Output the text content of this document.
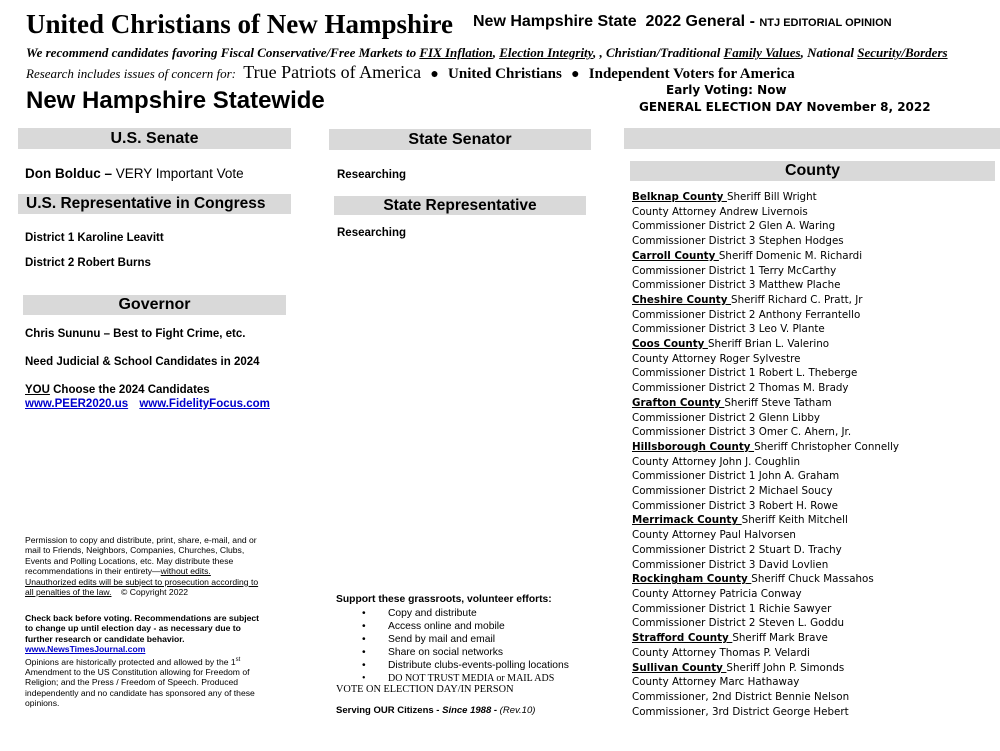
United Christians of New Hampshire New Hampshire State 2022 General - NTJ EDITORIAL OPINION
We recommend candidates favoring Fiscal Conservative/Free Markets to FIX Inflation, Election Integrity, , Christian/Traditional Family Values, National Security/Borders
Research includes issues of concern for: True Patriots of America ● United Christians ● Independent Voters for America
New Hampshire Statewide	Early Voting: Now
GENERAL ELECTION DAY November 8, 2022
U.S. Senate
Don Bolduc – VERY Important Vote
U.S. Representative in Congress
District 1 Karoline Leavitt
District 2 Robert Burns
Governor
Chris Sununu – Best to Fight Crime, etc.
Need Judicial & School Candidates in 2024
YOU Choose the 2024 Candidates
www.PEER2020.us www.FidelityFocus.com
Permission to copy and distribute, print, share, e-mail, and or
mail to Friends, Neighbors, Companies, Churches, Clubs,
Events and Polling Locations, etc. May distribute these
recommendations in their entirety—without edits.
Unauthorized edits will be subject to prosecution according to
all penalties of the law. © Copyright 2022
Check back before voting. Recommendations are subject
to change up until election day - as necessary due to
further research or candidate behavior.
www.NewsTimesJournal.com
Opinions are historically protected and allowed by the 1st
Amendment to the US Constitution allowing for Freedom of
Religion; and the Press / Freedom of Speech. Produced
independently and no candidate has sponsored any of these
opinions.
State Senator
Researching
State Representative
Researching
Support these grassroots, volunteer efforts:
• Copy and distribute
• Access online and mobile
• Send by mail and email
• Share on social networks
• Distribute clubs-events-polling locations
• DO NOT TRUST MEDIA or MAIL ADS
VOTE ON ELECTION DAY/IN PERSON
Serving OUR Citizens - Since 1988 - (Rev.10)
County
Belknap County Sheriff Bill Wright
County Attorney Andrew Livernois
Commissioner District 2 Glen A. Waring
Commissioner District 3 Stephen Hodges
Carroll County Sheriff Domenic M. Richardi
Commissioner District 1 Terry McCarthy
Commissioner District 3 Matthew Plache
Cheshire County Sheriff Richard C. Pratt, Jr
Commissioner District 2 Anthony Ferrantello
Commissioner District 3 Leo V. Plante
Coos County Sheriff Brian L. Valerino
County Attorney Roger Sylvestre
Commissioner District 1 Robert L. Theberge
Commissioner District 2 Thomas M. Brady
Grafton County Sheriff Steve Tatham
Commissioner District 2 Glenn Libby
Commissioner District 3 Omer C. Ahern, Jr.
Hillsborough County Sheriff Christopher Connelly
County Attorney John J. Coughlin
Commissioner District 1 John A. Graham
Commissioner District 2 Michael Soucy
Commissioner District 3 Robert H. Rowe
Merrimack County Sheriff Keith Mitchell
County Attorney Paul Halvorsen
Commissioner District 2 Stuart D. Trachy
Commissioner District 3 David Lovlien
Rockingham County Sheriff Chuck Massahos
County Attorney Patricia Conway
Commissioner District 1 Richie Sawyer
Commissioner District 2 Steven L. Goddu
Strafford County Sheriff Mark Brave
County Attorney Thomas P. Velardi
Sullivan County Sheriff John P. Simonds
County Attorney Marc Hathaway
Commissioner, 2nd District Bennie Nelson
Commissioner, 3rd District George Hebert
